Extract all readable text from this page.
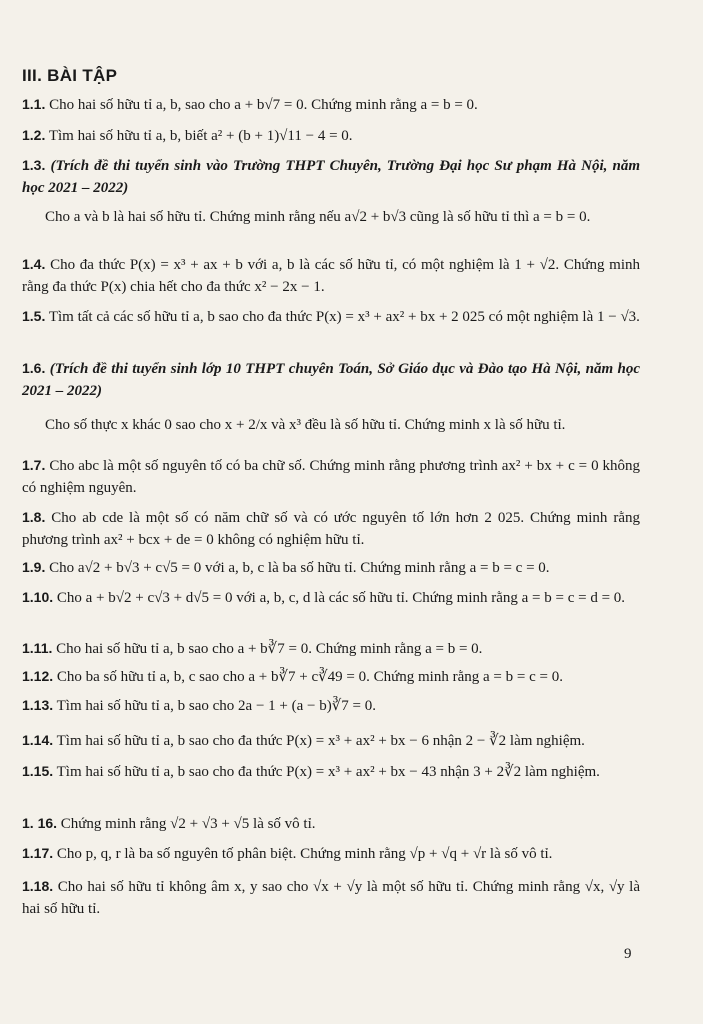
III. BÀI TẬP
1.1. Cho hai số hữu tỉ a, b, sao cho a + b√7 = 0. Chứng minh rằng a = b = 0.
1.2. Tìm hai số hữu tỉ a, b, biết a² + (b + 1)√11 − 4 = 0.
1.3. (Trích đề thi tuyển sinh vào Trường THPT Chuyên, Trường Đại học Sư phạm Hà Nội, năm học 2021 – 2022)
Cho a và b là hai số hữu tỉ. Chứng minh rằng nếu a√2 + b√3 cũng là số hữu tỉ thì a = b = 0.
1.4. Cho đa thức P(x) = x³ + ax + b với a, b là các số hữu tỉ, có một nghiệm là 1 + √2. Chứng minh rằng đa thức P(x) chia hết cho đa thức x² − 2x − 1.
1.5. Tìm tất cả các số hữu tỉ a, b sao cho đa thức P(x) = x³ + ax² + bx + 2 025 có một nghiệm là 1 − √3.
1.6. (Trích đề thi tuyển sinh lớp 10 THPT chuyên Toán, Sở Giáo dục và Đào tạo Hà Nội, năm học 2021 – 2022)
Cho số thực x khác 0 sao cho x + 2/x và x³ đều là số hữu tỉ. Chứng minh x là số hữu tỉ.
1.7. Cho abc là một số nguyên tố có ba chữ số. Chứng minh rằng phương trình ax² + bx + c = 0 không có nghiệm nguyên.
1.8. Cho ab cde là một số có năm chữ số và có ước nguyên tố lớn hơn 2 025. Chứng minh rằng phương trình ax² + bcx + de = 0 không có nghiệm hữu tỉ.
1.9. Cho a√2 + b√3 + c√5 = 0 với a, b, c là ba số hữu tỉ. Chứng minh rằng a = b = c = 0.
1.10. Cho a + b√2 + c√3 + d√5 = 0 với a, b, c, d là các số hữu tỉ. Chứng minh rằng a = b = c = d = 0.
1.11. Cho hai số hữu tỉ a, b sao cho a + b∛7 = 0. Chứng minh rằng a = b = 0.
1.12. Cho ba số hữu tỉ a, b, c sao cho a + b∛7 + c∛49 = 0. Chứng minh rằng a = b = c = 0.
1.13. Tìm hai số hữu tỉ a, b sao cho 2a − 1 + (a − b)∛7 = 0.
1.14. Tìm hai số hữu tỉ a, b sao cho đa thức P(x) = x³ + ax² + bx − 6 nhận 2 − ∛2 làm nghiệm.
1.15. Tìm hai số hữu tỉ a, b sao cho đa thức P(x) = x³ + ax² + bx − 43 nhận 3 + 2∛2 làm nghiệm.
1. 16. Chứng minh rằng √2 + √3 + √5 là số vô tỉ.
1.17. Cho p, q, r là ba số nguyên tố phân biệt. Chứng minh rằng √p + √q + √r là số vô tỉ.
1.18. Cho hai số hữu tỉ không âm x, y sao cho √x + √y là một số hữu tỉ. Chứng minh rằng √x, √y là hai số hữu tỉ.
9
